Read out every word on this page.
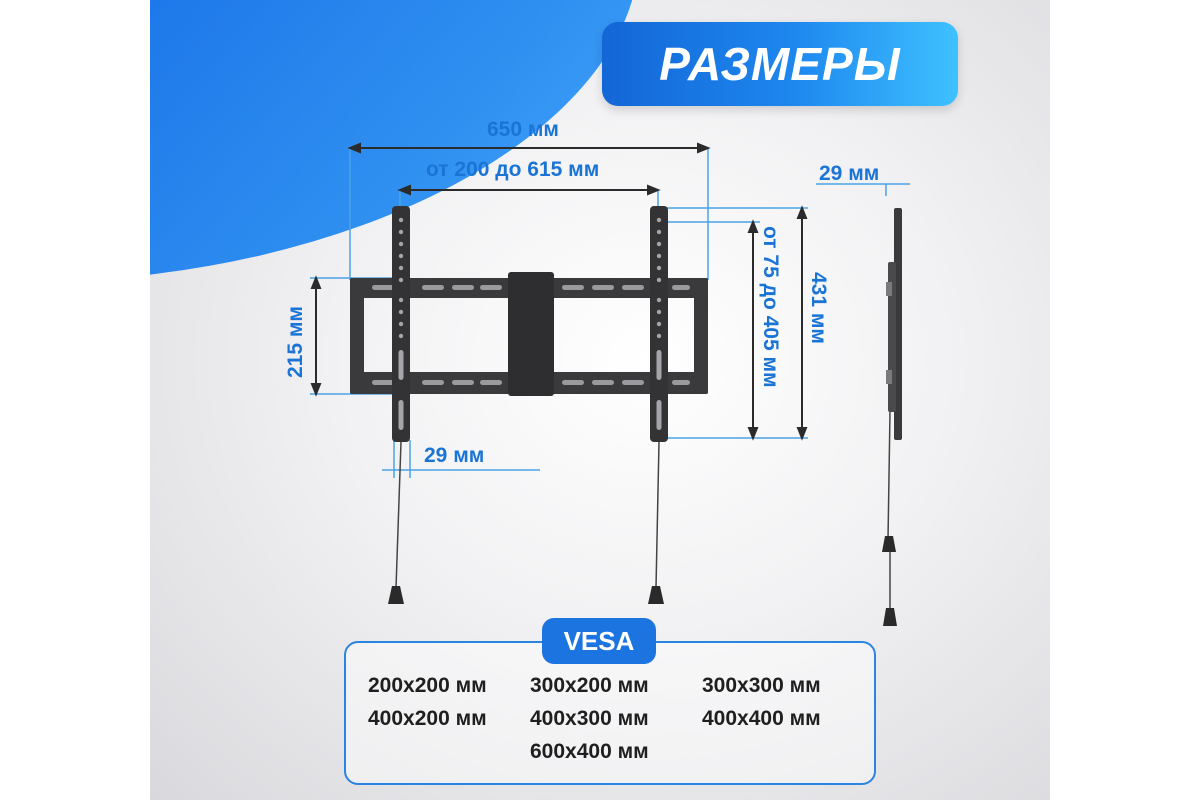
РАЗМЕРЫ
650 мм
от 200 до 615 мм
215 мм
29 мм
от 75 до 405 мм 431 мм
29 мм
VESA
200x200 мм 300x200 мм	300x300 мм
400x200 мм 400x300 мм	400x400 мм
600x400 мм
